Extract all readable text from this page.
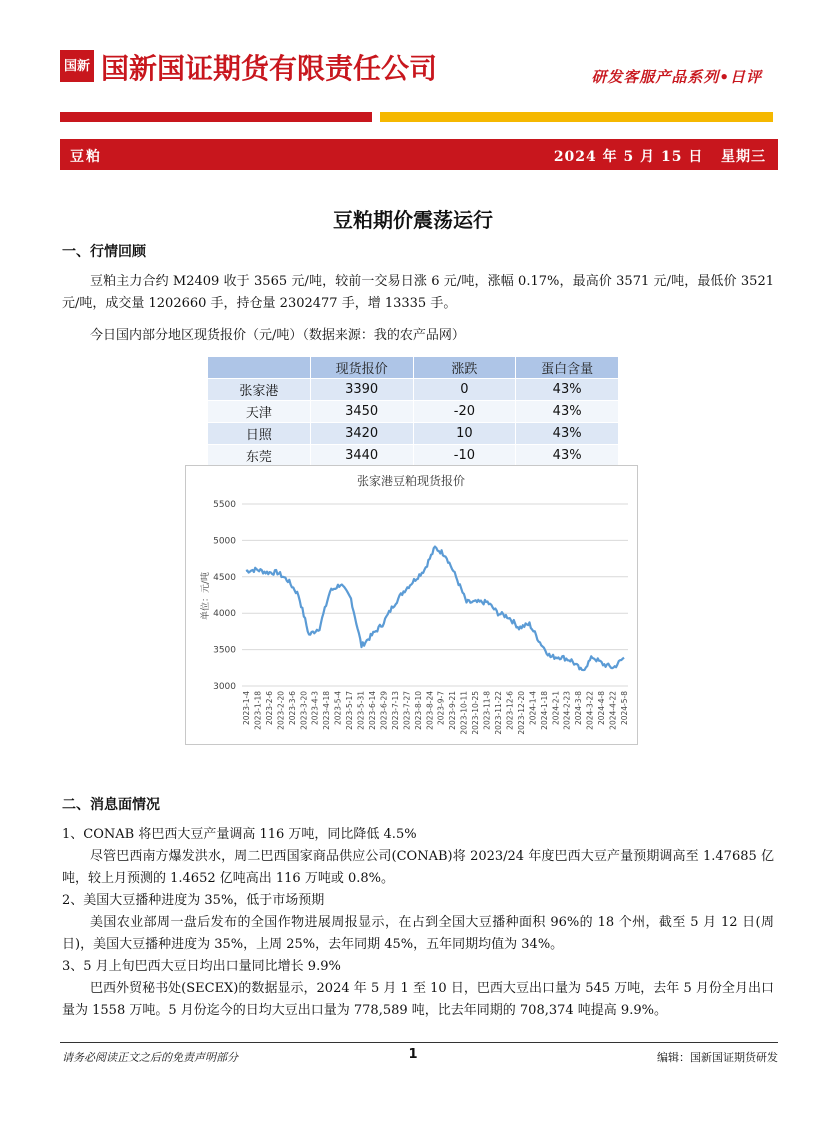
国新 国新国证期货有限责任公司	研发客服产品系列•日评
豆粕	2024 年 5 月 15 日 星期三
豆粕期价震荡运行
一、行情回顾
豆粕主力合约 M2409 收于 3565 元/吨，较前一交易日涨 6 元/吨，涨幅 0.17%，最高价 3571 元/吨，最低价 3521 元/吨，成交量 1202660 手，持仓量 2302477 手，增 13335 手。
今日国内部分地区现货报价（元/吨）（数据来源：我的农产品网）
	现货报价	涨跌	蛋白含量
张家港	3390	0	43%
天津	3450	-20	43%
日照	3420	10	43%
东莞	3440	-10	43%
张家港豆粕现货报价
单位：元/吨
3000
3500
4000
4500
5000
5500
2023-1-4 2023-1-18 2023-2-6 2023-2-20 2023-3-6 2023-3-20 2023-4-3 2023-4-18 2023-5-4 2023-5-17 2023-5-31 2023-6-14 2023-6-29 2023-7-13 2023-7-27 2023-8-10 2023-8-24 2023-9-7 2023-9-21 2023-10-11 2023-10-25 2023-11-8 2023-11-22 2023-12-6 2023-12-20 2024-1-4 2024-1-18 2024-2-1 2024-2-23 2024-3-8 2024-3-22 2024-4-8 2024-4-22 2024-5-8
二、消息面情况
1、CONAB 将巴西大豆产量调高 116 万吨，同比降低 4.5%
尽管巴西南方爆发洪水，周二巴西国家商品供应公司(CONAB)将 2023/24 年度巴西大豆产量预期调高至 1.47685 亿吨，较上月预测的 1.4652 亿吨高出 116 万吨或 0.8%。
2、美国大豆播种进度为 35%，低于市场预期
美国农业部周一盘后发布的全国作物进展周报显示，在占到全国大豆播种面积 96%的 18 个州，截至 5 月 12 日(周日)，美国大豆播种进度为 35%，上周 25%，去年同期 45%，五年同期均值为 34%。
3、5 月上旬巴西大豆日均出口量同比增长 9.9%
巴西外贸秘书处(SECEX)的数据显示，2024 年 5 月 1 至 10 日，巴西大豆出口量为 545 万吨，去年 5 月份全月出口量为 1558 万吨。5 月份迄今的日均大豆出口量为 778,589 吨，比去年同期的 708,374 吨提高 9.9%。
请务必阅读正文之后的免责声明部分	1	编辑：国新国证期货研发
